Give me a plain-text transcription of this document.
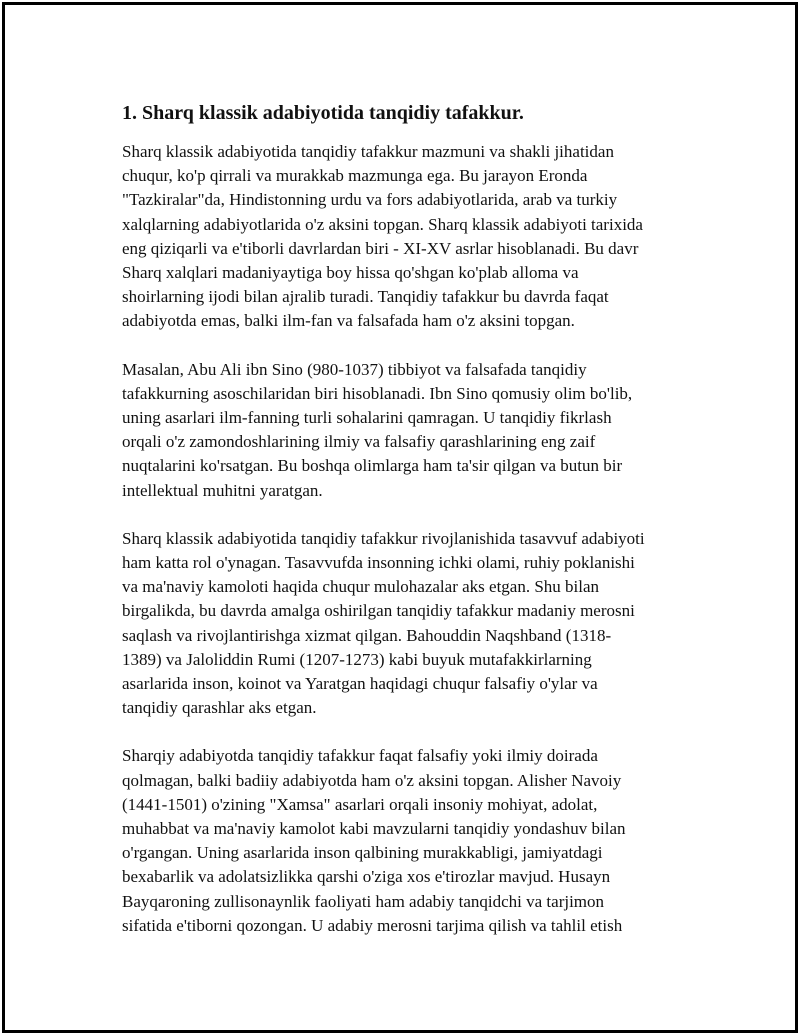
1. Sharq klassik adabiyotida tanqidiy tafakkur.

Sharq klassik adabiyotida tanqidiy tafakkur mazmuni va shakli jihatidan
chuqur, ko'p qirrali va murakkab mazmunga ega. Bu jarayon Eronda
"Tazkiralar"da, Hindistonning urdu va fors adabiyotlarida, arab va turkiy
xalqlarning adabiyotlarida o'z aksini topgan. Sharq klassik adabiyoti tarixida
eng qiziqarli va e'tiborli davrlardan biri - XI-XV asrlar hisoblanadi. Bu davr
Sharq xalqlari madaniyaytiga boy hissa qo'shgan ko'plab alloma va
shoirlarning ijodi bilan ajralib turadi. Tanqidiy tafakkur bu davrda faqat
adabiyotda emas, balki ilm-fan va falsafada ham o'z aksini topgan.

Masalan, Abu Ali ibn Sino (980-1037) tibbiyot va falsafada tanqidiy
tafakkurning asoschilaridan biri hisoblanadi. Ibn Sino qomusiy olim bo'lib,
uning asarlari ilm-fanning turli sohalarini qamragan. U tanqidiy fikrlash
orqali o'z zamondoshlarining ilmiy va falsafiy qarashlarining eng zaif
nuqtalarini ko'rsatgan. Bu boshqa olimlarga ham ta'sir qilgan va butun bir
intellektual muhitni yaratgan.

Sharq klassik adabiyotida tanqidiy tafakkur rivojlanishida tasavvuf adabiyoti
ham katta rol o'ynagan. Tasavvufda insonning ichki olami, ruhiy poklanishi
va ma'naviy kamoloti haqida chuqur mulohazalar aks etgan. Shu bilan
birgalikda, bu davrda amalga oshirilgan tanqidiy tafakkur madaniy merosni
saqlash va rivojlantirishga xizmat qilgan. Bahouddin Naqshband (1318-
1389) va Jaloliddin Rumi (1207-1273) kabi buyuk mutafakkirlarning
asarlarida inson, koinot va Yaratgan haqidagi chuqur falsafiy o'ylar va
tanqidiy qarashlar aks etgan.

Sharqiy adabiyotda tanqidiy tafakkur faqat falsafiy yoki ilmiy doirada
qolmagan, balki badiiy adabiyotda ham o'z aksini topgan. Alisher Navoiy
(1441-1501) o'zining "Xamsa" asarlari orqali insoniy mohiyat, adolat,
muhabbat va ma'naviy kamolot kabi mavzularni tanqidiy yondashuv bilan
o'rgangan. Uning asarlarida inson qalbining murakkabligi, jamiyatdagi
bexabarlik va adolatsizlikka qarshi o'ziga xos e'tirozlar mavjud. Husayn
Bayqaroning zullisonaynlik faoliyati ham adabiy tanqidchi va tarjimon
sifatida e'tiborni qozongan. U adabiy merosni tarjima qilish va tahlil etish
